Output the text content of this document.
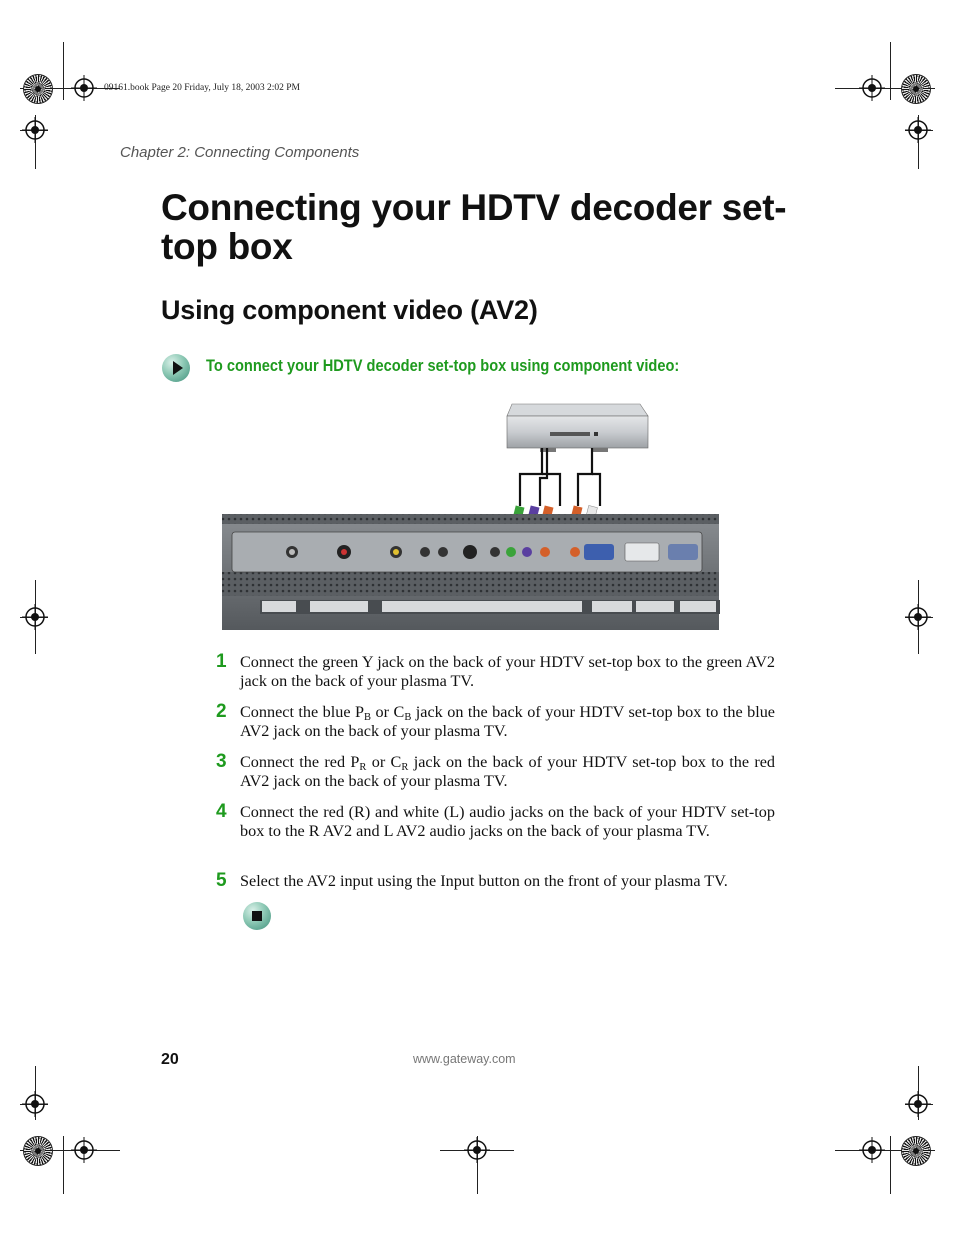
09161.book Page 20 Friday, July 18, 2003 2:02 PM
Chapter 2: Connecting Components
Connecting your HDTV decoder set-top box
Using component video (AV2)
To connect your HDTV decoder set-top box using component video:
1 Connect the green Y jack on the back of your HDTV set-top box to the green AV2 jack on the back of your plasma TV.
2 Connect the blue $P_B$ or $C_B$ jack on the back of your HDTV set-top box to the blue AV2 jack on the back of your plasma TV.
3 Connect the red $P_R$ or $C_R$ jack on the back of your HDTV set-top box to the red AV2 jack on the back of your plasma TV.
4 Connect the red (R) and white (L) audio jacks on the back of your HDTV set-top box to the R AV2 and L AV2 audio jacks on the back of your plasma TV.
5 Select the AV2 input using the Input button on the front of your plasma TV.
20	www.gateway.com
